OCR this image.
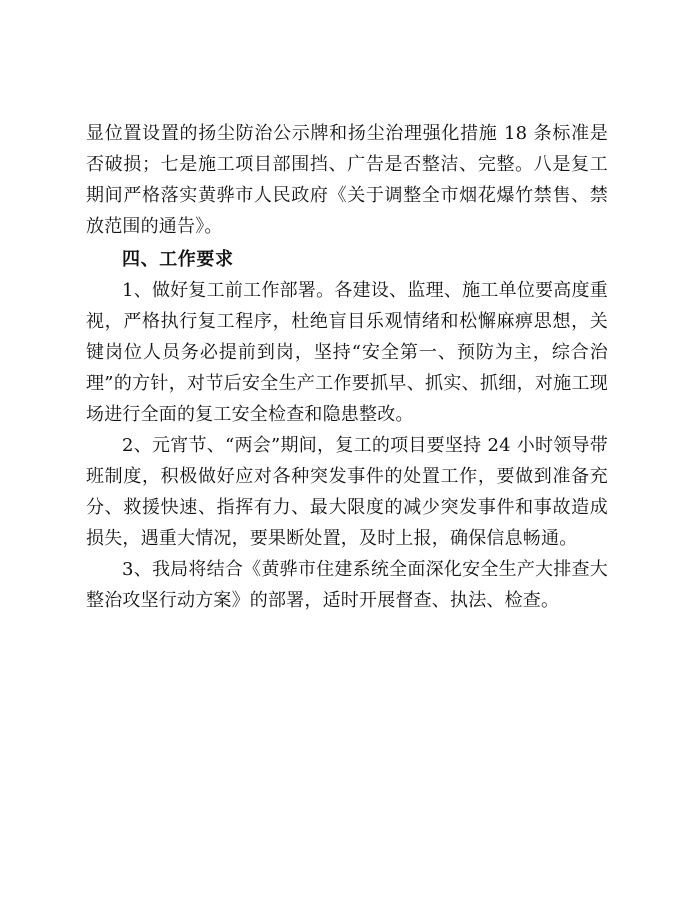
显位置设置的扬尘防治公示牌和扬尘治理强化措施 18 条标准是否破损；七是施工项目部围挡、广告是否整洁、完整。八是复工期间严格落实黄骅市人民政府《关于调整全市烟花爆竹禁售、禁放范围的通告》。

四、工作要求

1、做好复工前工作部署。各建设、监理、施工单位要高度重视，严格执行复工程序，杜绝盲目乐观情绪和松懈麻痹思想，关键岗位人员务必提前到岗，坚持“安全第一、预防为主，综合治理”的方针，对节后安全生产工作要抓早、抓实、抓细，对施工现场进行全面的复工安全检查和隐患整改。

2、元宵节、“两会”期间，复工的项目要坚持 24 小时领导带班制度，积极做好应对各种突发事件的处置工作，要做到准备充分、救援快速、指挥有力、最大限度的减少突发事件和事故造成损失，遇重大情况，要果断处置，及时上报，确保信息畅通。

3、我局将结合《黄骅市住建系统全面深化安全生产大排查大整治攻坚行动方案》的部署，适时开展督查、执法、检查。
